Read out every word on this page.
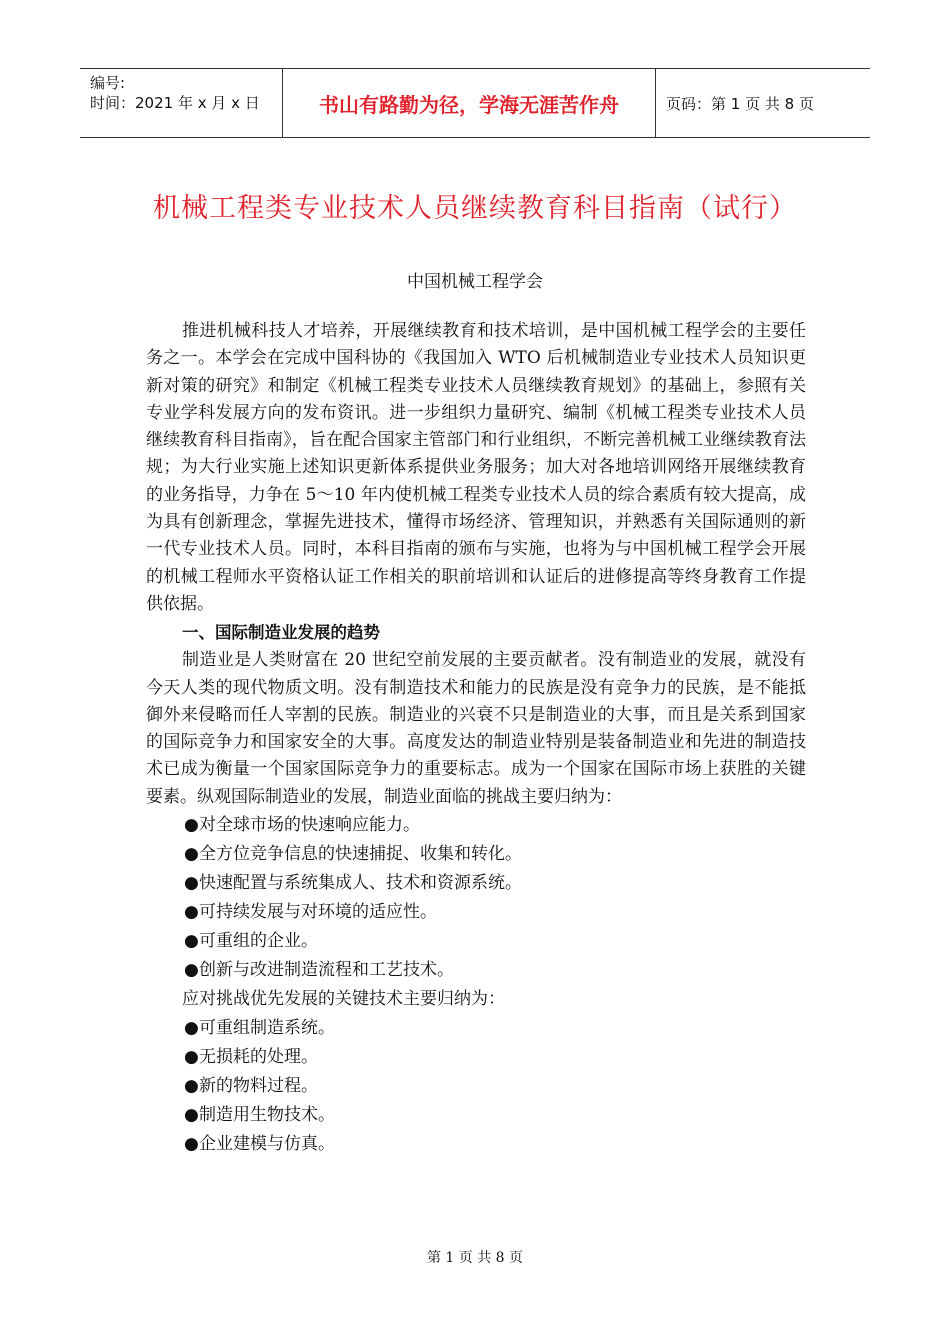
编号:
时间：2021 年 x 月 x 日	书山有路勤为径，学海无涯苦作舟	页码：第 1 页 共 8 页
机械工程类专业技术人员继续教育科目指南（试行）
中国机械工程学会

推进机械科技人才培养，开展继续教育和技术培训，是中国机械工程学会的主要任务之一。本学会在完成中国科协的《我国加入 WTO 后机械制造业专业技术人员知识更新对策的研究》和制定《机械工程类专业技术人员继续教育规划》的基础上，参照有关专业学科发展方向的发布资讯。进一步组织力量研究、编制《机械工程类专业技术人员继续教育科目指南》，旨在配合国家主管部门和行业组织，不断完善机械工业继续教育法规；为大行业实施上述知识更新体系提供业务服务；加大对各地培训网络开展继续教育的业务指导，力争在 5～10 年内使机械工程类专业技术人员的综合素质有较大提高，成为具有创新理念，掌握先进技术，懂得市场经济、管理知识，并熟悉有关国际通则的新一代专业技术人员。同时，本科目指南的颁布与实施，也将为与中国机械工程学会开展的机械工程师水平资格认证工作相关的职前培训和认证后的进修提高等终身教育工作提供依据。

一、国际制造业发展的趋势

制造业是人类财富在 20 世纪空前发展的主要贡献者。没有制造业的发展，就没有今天人类的现代物质文明。没有制造技术和能力的民族是没有竞争力的民族，是不能抵御外来侵略而任人宰割的民族。制造业的兴衰不只是制造业的大事，而且是关系到国家的国际竞争力和国家安全的大事。高度发达的制造业特别是装备制造业和先进的制造技术已成为衡量一个国家国际竞争力的重要标志。成为一个国家在国际市场上获胜的关键要素。纵观国际制造业的发展，制造业面临的挑战主要归纳为：

●对全球市场的快速响应能力。

●全方位竞争信息的快速捕捉、收集和转化。

●快速配置与系统集成人、技术和资源系统。

●可持续发展与对环境的适应性。

●可重组的企业。

●创新与改进制造流程和工艺技术。

应对挑战优先发展的关键技术主要归纳为：

●可重组制造系统。

●无损耗的处理。

●新的物料过程。

●制造用生物技术。

●企业建模与仿真。

第 1 页 共 8 页
